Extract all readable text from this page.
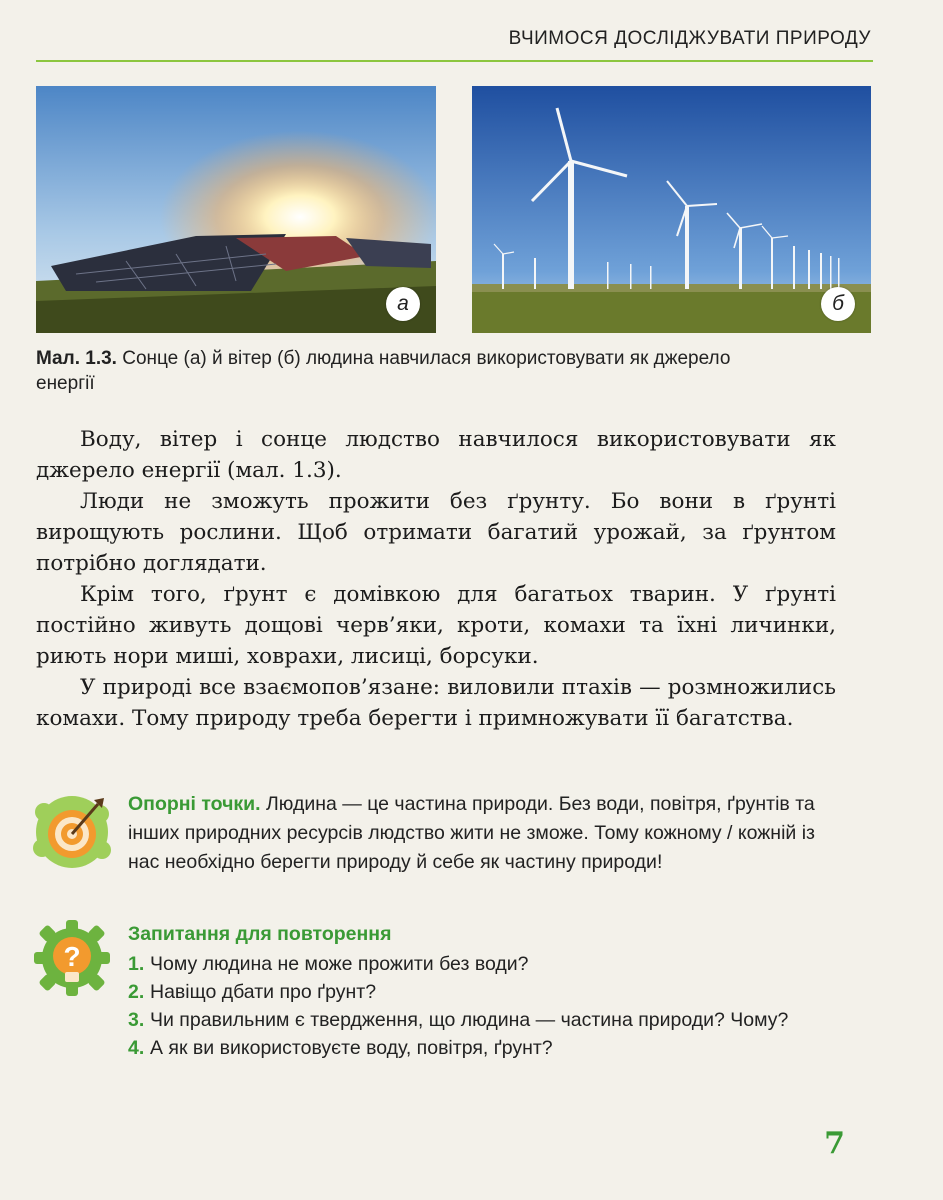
ВЧИМОСЯ ДОСЛІДЖУВАТИ ПРИРОДУ
а	б
Мал. 1.3. Сонце (а) й вітер (б) людина навчилася використовувати як джерело енергії

Воду, вітер і сонце людство навчилося використовувати як джерело енергії (мал. 1.3).

Люди не зможуть прожити без ґрунту. Бо вони в ґрунті вирощують рослини. Щоб отримати багатий урожай, за ґрунтом потрібно доглядати.

Крім того, ґрунт є домівкою для багатьох тварин. У ґрунті постійно живуть дощові черв’яки, кроти, комахи та їхні личинки, риють нори миші, ховрахи, лисиці, борсуки.

У природі все взаємопов’язане: виловили птахів — розмножились комахи. Тому природу треба берегти і примножувати її багатства.

Опорні точки. Людина — це частина природи. Без води, повітря, ґрунтів та інших природних ресурсів людство жити не зможе. Тому кожному / кожній із нас необхідно берегти природу й себе як частину природи!
?
Запитання для повторення
1. Чому людина не може прожити без води?
2. Навіщо дбати про ґрунт?
3. Чи правильним є твердження, що людина — частина природи? Чому?
4. А як ви використовуєте воду, повітря, ґрунт?
7
